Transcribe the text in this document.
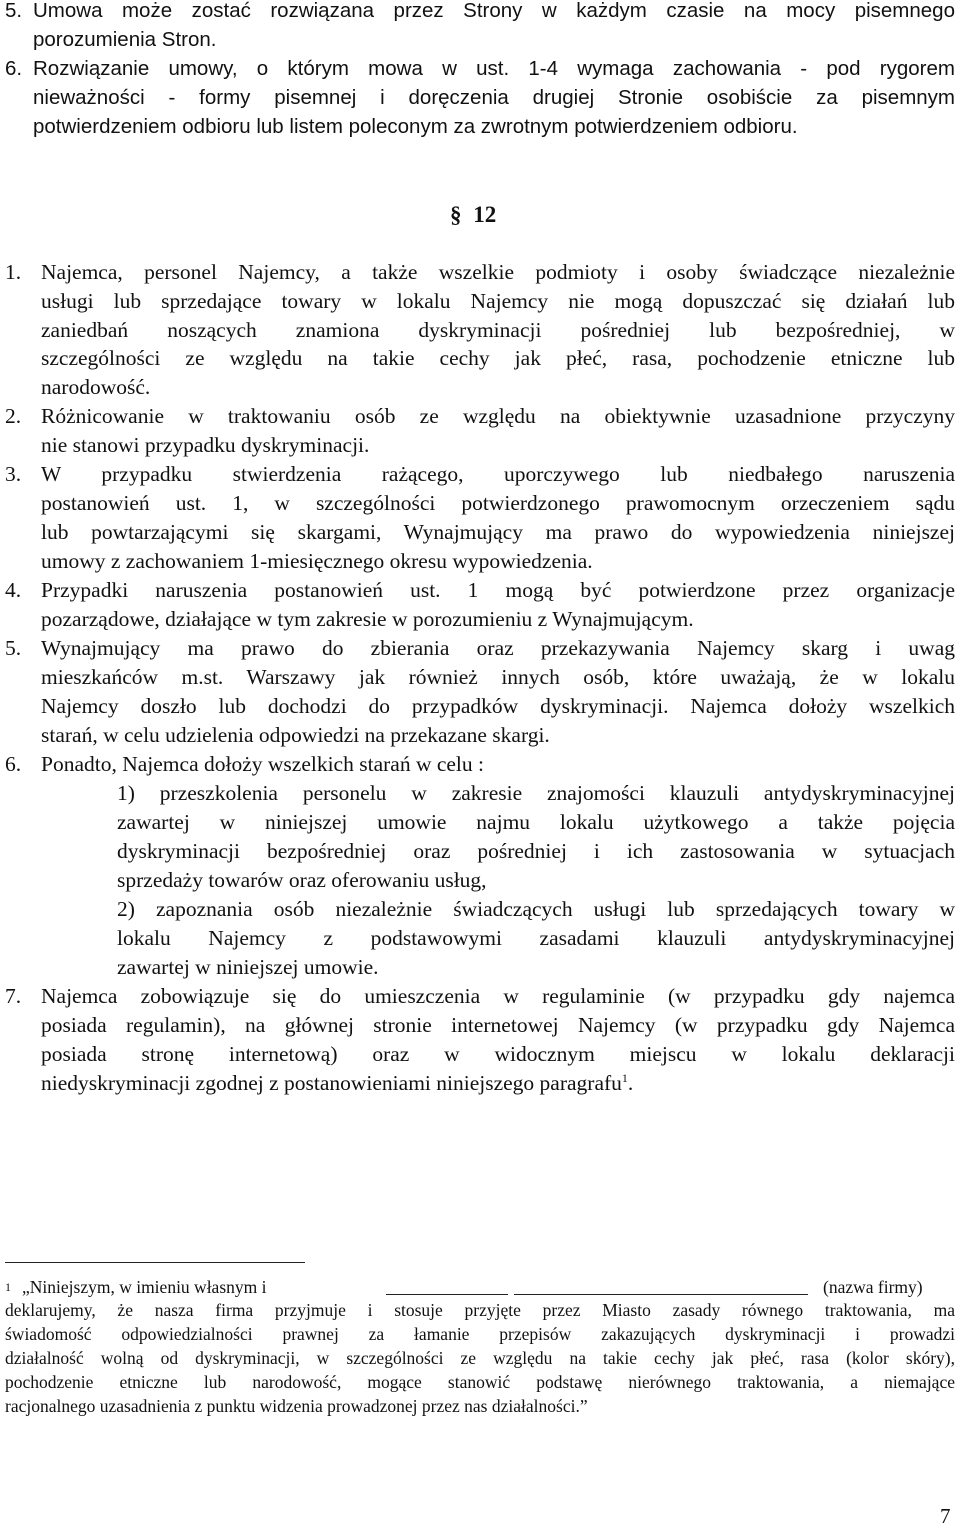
5. Umowa może zostać rozwiązana przez Strony w każdym czasie na mocy pisemnego
porozumienia Stron.
6. Rozwiązanie umowy, o którym mowa w ust. 1-4 wymaga zachowania - pod rygorem
nieważności - formy pisemnej i doręczenia drugiej Stronie osobiście za pisemnym
potwierdzeniem odbioru lub listem poleconym za zwrotnym potwierdzeniem odbioru.
§ 12
1. Najemca, personel Najemcy, a także wszelkie podmioty i osoby świadczące niezależnie
usługi lub sprzedające towary w lokalu Najemcy nie mogą dopuszczać się działań lub
zaniedbań noszących znamiona dyskryminacji pośredniej lub bezpośredniej, w
szczególności ze względu na takie cechy jak płeć, rasa, pochodzenie etniczne lub
narodowość.
2. Różnicowanie w traktowaniu osób ze względu na obiektywnie uzasadnione przyczyny
nie stanowi przypadku dyskryminacji.
3. W przypadku stwierdzenia rażącego, uporczywego lub niedbałego naruszenia
postanowień ust. 1, w szczególności potwierdzonego prawomocnym orzeczeniem sądu
lub powtarzającymi się skargami, Wynajmujący ma prawo do wypowiedzenia niniejszej
umowy z zachowaniem 1-miesięcznego okresu wypowiedzenia.
4. Przypadki naruszenia postanowień ust. 1 mogą być potwierdzone przez organizacje
pozarządowe, działające w tym zakresie w porozumieniu z Wynajmującym.
5. Wynajmujący ma prawo do zbierania oraz przekazywania Najemcy skarg i uwag
mieszkańców m.st. Warszawy jak również innych osób, które uważają, że w lokalu
Najemcy doszło lub dochodzi do przypadków dyskryminacji. Najemca dołoży wszelkich
starań, w celu udzielenia odpowiedzi na przekazane skargi.
6. Ponadto, Najemca dołoży wszelkich starań w celu :
1) przeszkolenia personelu w zakresie znajomości klauzuli antydyskryminacyjnej
zawartej w niniejszej umowie najmu lokalu użytkowego a także pojęcia
dyskryminacji bezpośredniej oraz pośredniej i ich zastosowania w sytuacjach
sprzedaży towarów oraz oferowaniu usług,
2) zapoznania osób niezależnie świadczących usługi lub sprzedających towary w
lokalu Najemcy z podstawowymi zasadami klauzuli antydyskryminacyjnej
zawartej w niniejszej umowie.
7. Najemca zobowiązuje się do umieszczenia w regulaminie (w przypadku gdy najemca
posiada regulamin), na głównej stronie internetowej Najemcy (w przypadku gdy Najemca
posiada stronę internetową) oraz w widocznym miejscu w lokalu deklaracji
niedyskryminacji zgodnej z postanowieniami niniejszego paragrafu$^1$.
1 „Niniejszym, w imieniu własnym i	(nazwa firmy)
deklarujemy, że nasza firma przyjmuje i stosuje przyjęte przez Miasto zasady równego traktowania, ma
świadomość odpowiedzialności prawnej za łamanie przepisów zakazujących dyskryminacji i prowadzi
działalność wolną od dyskryminacji, w szczególności ze względu na takie cechy jak płeć, rasa (kolor skóry),
pochodzenie etniczne lub narodowość, mogące stanowić podstawę nierównego traktowania, a niemające
racjonalnego uzasadnienia z punktu widzenia prowadzonej przez nas działalności.”
7
